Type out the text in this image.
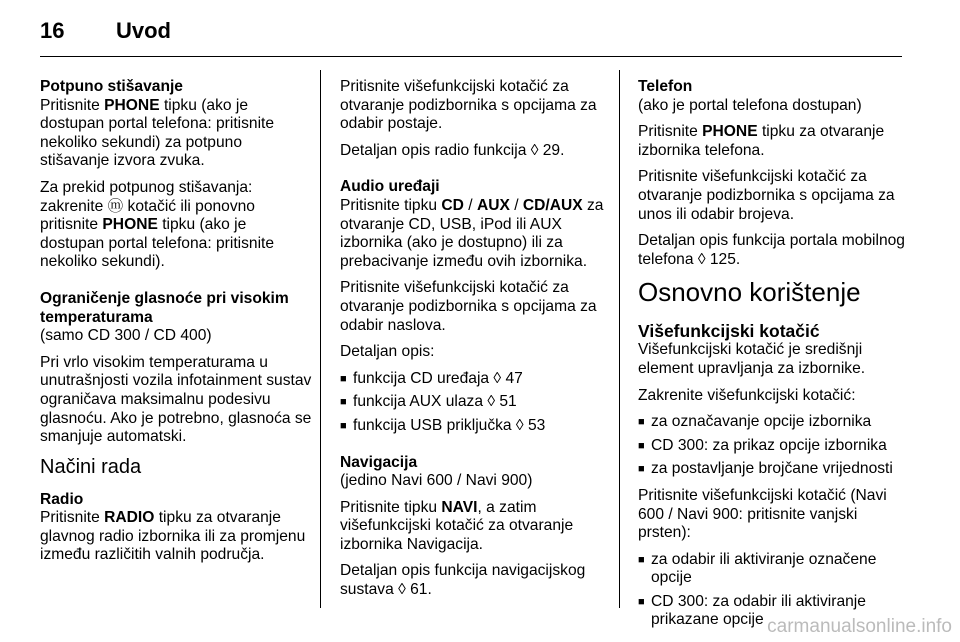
16 Uvod
Potpuno stišavanje

Pritisnite PHONE tipku (ako je dostupan portal telefona: pritisnite nekoliko sekundi) za potpuno stišavanje izvora zvuka.

Za prekid potpunog stišavanja: zakrenite ⓜ kotačić ili ponovno pritisnite PHONE tipku (ako je dostupan portal telefona: pritisnite nekoliko sekundi).

Ograničenje glasnoće pri visokim temperaturama

(samo CD 300 / CD 400)

Pri vrlo visokim temperaturama u unutrašnjosti vozila infotainment sustav ograničava maksimalnu podesivu glasnoću. Ako je potrebno, glasnoća se smanjuje automatski.

Načini rada
Radio

Pritisnite RADIO tipku za otvaranje glavnog radio izbornika ili za promjenu između različitih valnih područja.

Pritisnite višefunkcijski kotačić za otvaranje podizbornika s opcijama za odabir postaje.

Detaljan opis radio funkcija ◊ 29.

Audio uređaji

Pritisnite tipku CD / AUX / CD/AUX za otvaranje CD, USB, iPod ili AUX izbornika (ako je dostupno) ili za prebacivanje između ovih izbornika.

Pritisnite višefunkcijski kotačić za otvaranje podizbornika s opcijama za odabir naslova.

Detaljan opis:

■ funkcija CD uređaja ◊ 47
■ funkcija AUX ulaza ◊ 51
■ funkcija USB priključka ◊ 53
Navigacija

(jedino Navi 600 / Navi 900)

Pritisnite tipku NAVI, a zatim višefunkcijski kotačić za otvaranje izbornika Navigacija.

Detaljan opis funkcija navigacijskog sustava ◊ 61.

Telefon

(ako je portal telefona dostupan)

Pritisnite PHONE tipku za otvaranje izbornika telefona.

Pritisnite višefunkcijski kotačić za otvaranje podizbornika s opcijama za unos ili odabir brojeva.

Detaljan opis funkcija portala mobilnog telefona ◊ 125.

Osnovno korištenje
Višefunkcijski kotačić

Višefunkcijski kotačić je središnji element upravljanja za izbornike.

Zakrenite višefunkcijski kotačić:

■ za označavanje opcije izbornika
■ CD 300: za prikaz opcije izbornika
■ za postavljanje brojčane vrijednosti

Pritisnite višefunkcijski kotačić (Navi 600 / Navi 900: pritisnite vanjski prsten):

■ za odabir ili aktiviranje označene opcije
■ CD 300: za odabir ili aktiviranje prikazane opcije carmanualsonline.info
